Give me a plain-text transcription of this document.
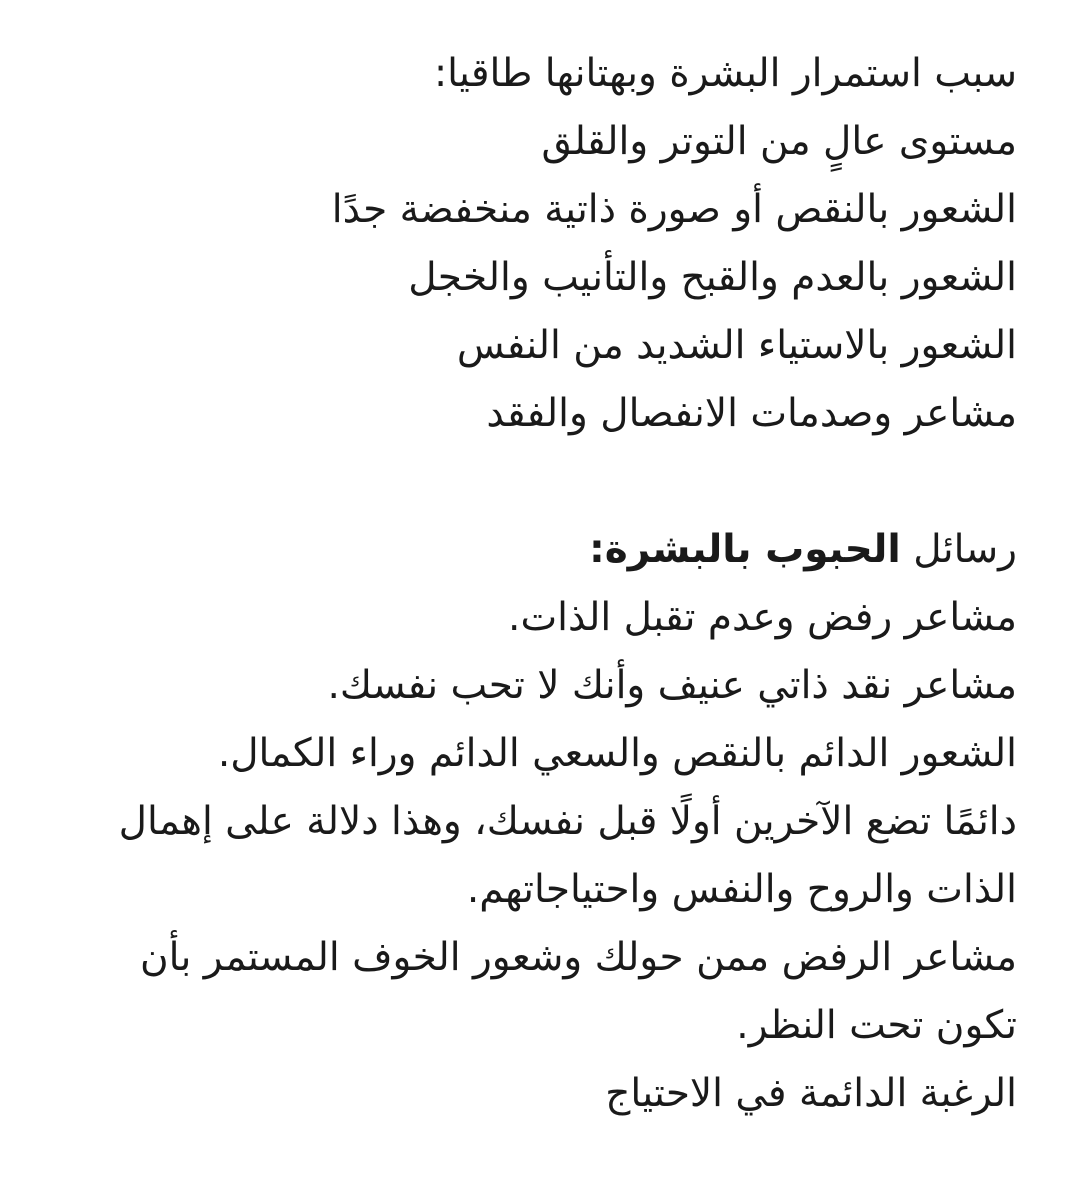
سبب استمرار البشرة وبهتانها طاقيا:
مستوى عالٍ من التوتر والقلق
الشعور بالنقص أو صورة ذاتية منخفضة جدًا
الشعور بالعدم والقبح والتأنيب والخجل
الشعور بالاستياء الشديد من النفس
مشاعر وصدمات الانفصال والفقد
رسائل الحبوب بالبشرة:
مشاعر رفض وعدم تقبل الذات.
مشاعر نقد ذاتي عنيف وأنك لا تحب نفسك.
الشعور الدائم بالنقص والسعي الدائم وراء الكمال.
دائمًا تضع الآخرين أولًا قبل نفسك، وهذا دلالة على إهمال
الذات والروح والنفس واحتياجاتهم.
مشاعر الرفض ممن حولك وشعور الخوف المستمر بأن
تكون تحت النظر.
الرغبة الدائمة في الاحتياج
